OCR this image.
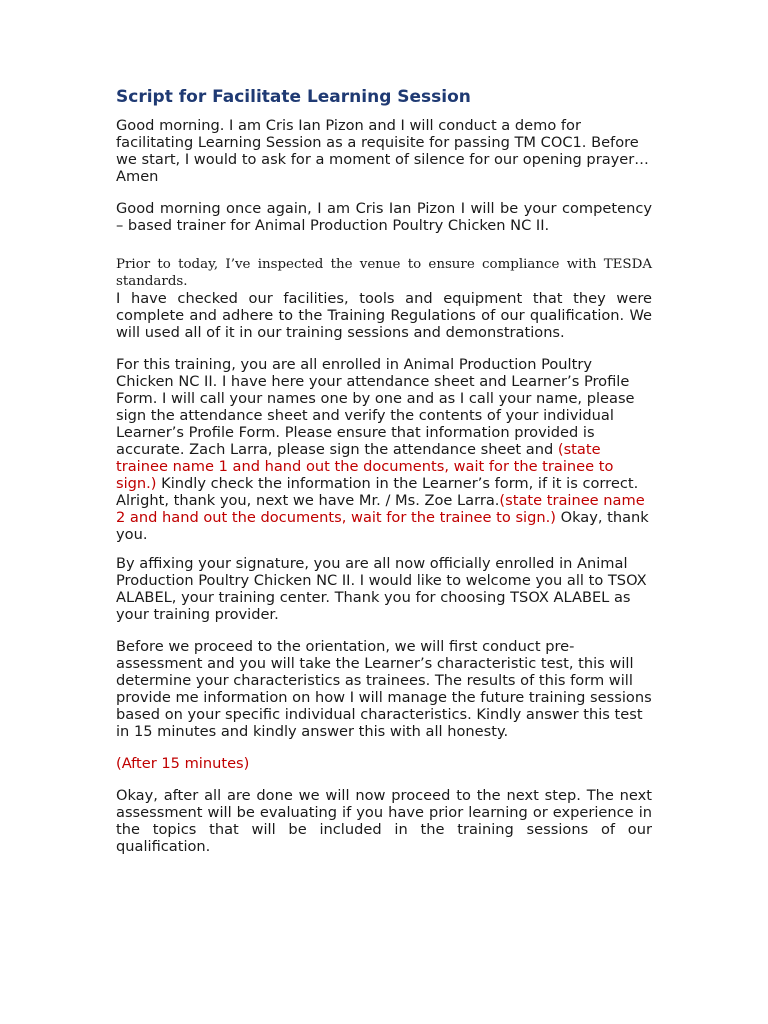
Script for Facilitate Learning Session

Good morning. I am Cris Ian Pizon and I will conduct a demo for facilitating Learning Session as a requisite for passing TM COC1. Before we start, I would to ask for a moment of silence for our opening prayer… Amen

Good morning once again, I am Cris Ian Pizon I will be your competency – based trainer for Animal Production Poultry Chicken NC II.

Prior to today, I’ve inspected the venue to ensure compliance with TESDA standards.
I have checked our facilities, tools and equipment that they were complete and adhere to the Training Regulations of our qualification. We will used all of it in our training sessions and demonstrations.

For this training, you are all enrolled in Animal Production Poultry Chicken NC II. I have here your attendance sheet and Learner’s Profile Form. I will call your names one by one and as I call your name, please sign the attendance sheet and verify the contents of your individual Learner’s Profile Form. Please ensure that information provided is accurate. Zach Larra, please sign the attendance sheet and (state trainee name 1 and hand out the documents, wait for the trainee to sign.) Kindly check the information in the Learner’s form, if it is correct. Alright, thank you, next we have Mr. / Ms. Zoe Larra.(state trainee name 2 and hand out the documents, wait for the trainee to sign.) Okay, thank you.

By affixing your signature, you are all now officially enrolled in Animal Production Poultry Chicken NC II. I would like to welcome you all to TSOX ALABEL, your training center. Thank you for choosing TSOX ALABEL as your training provider.

Before we proceed to the orientation, we will first conduct pre-assessment and you will take the Learner’s characteristic test, this will determine your characteristics as trainees. The results of this form will provide me information on how I will manage the future training sessions based on your specific individual characteristics. Kindly answer this test in 15 minutes and kindly answer this with all honesty.

(After 15 minutes)

Okay, after all are done we will now proceed to the next step. The next assessment will be evaluating if you have prior learning or experience in the topics that will be included in the training sessions of our qualification.
